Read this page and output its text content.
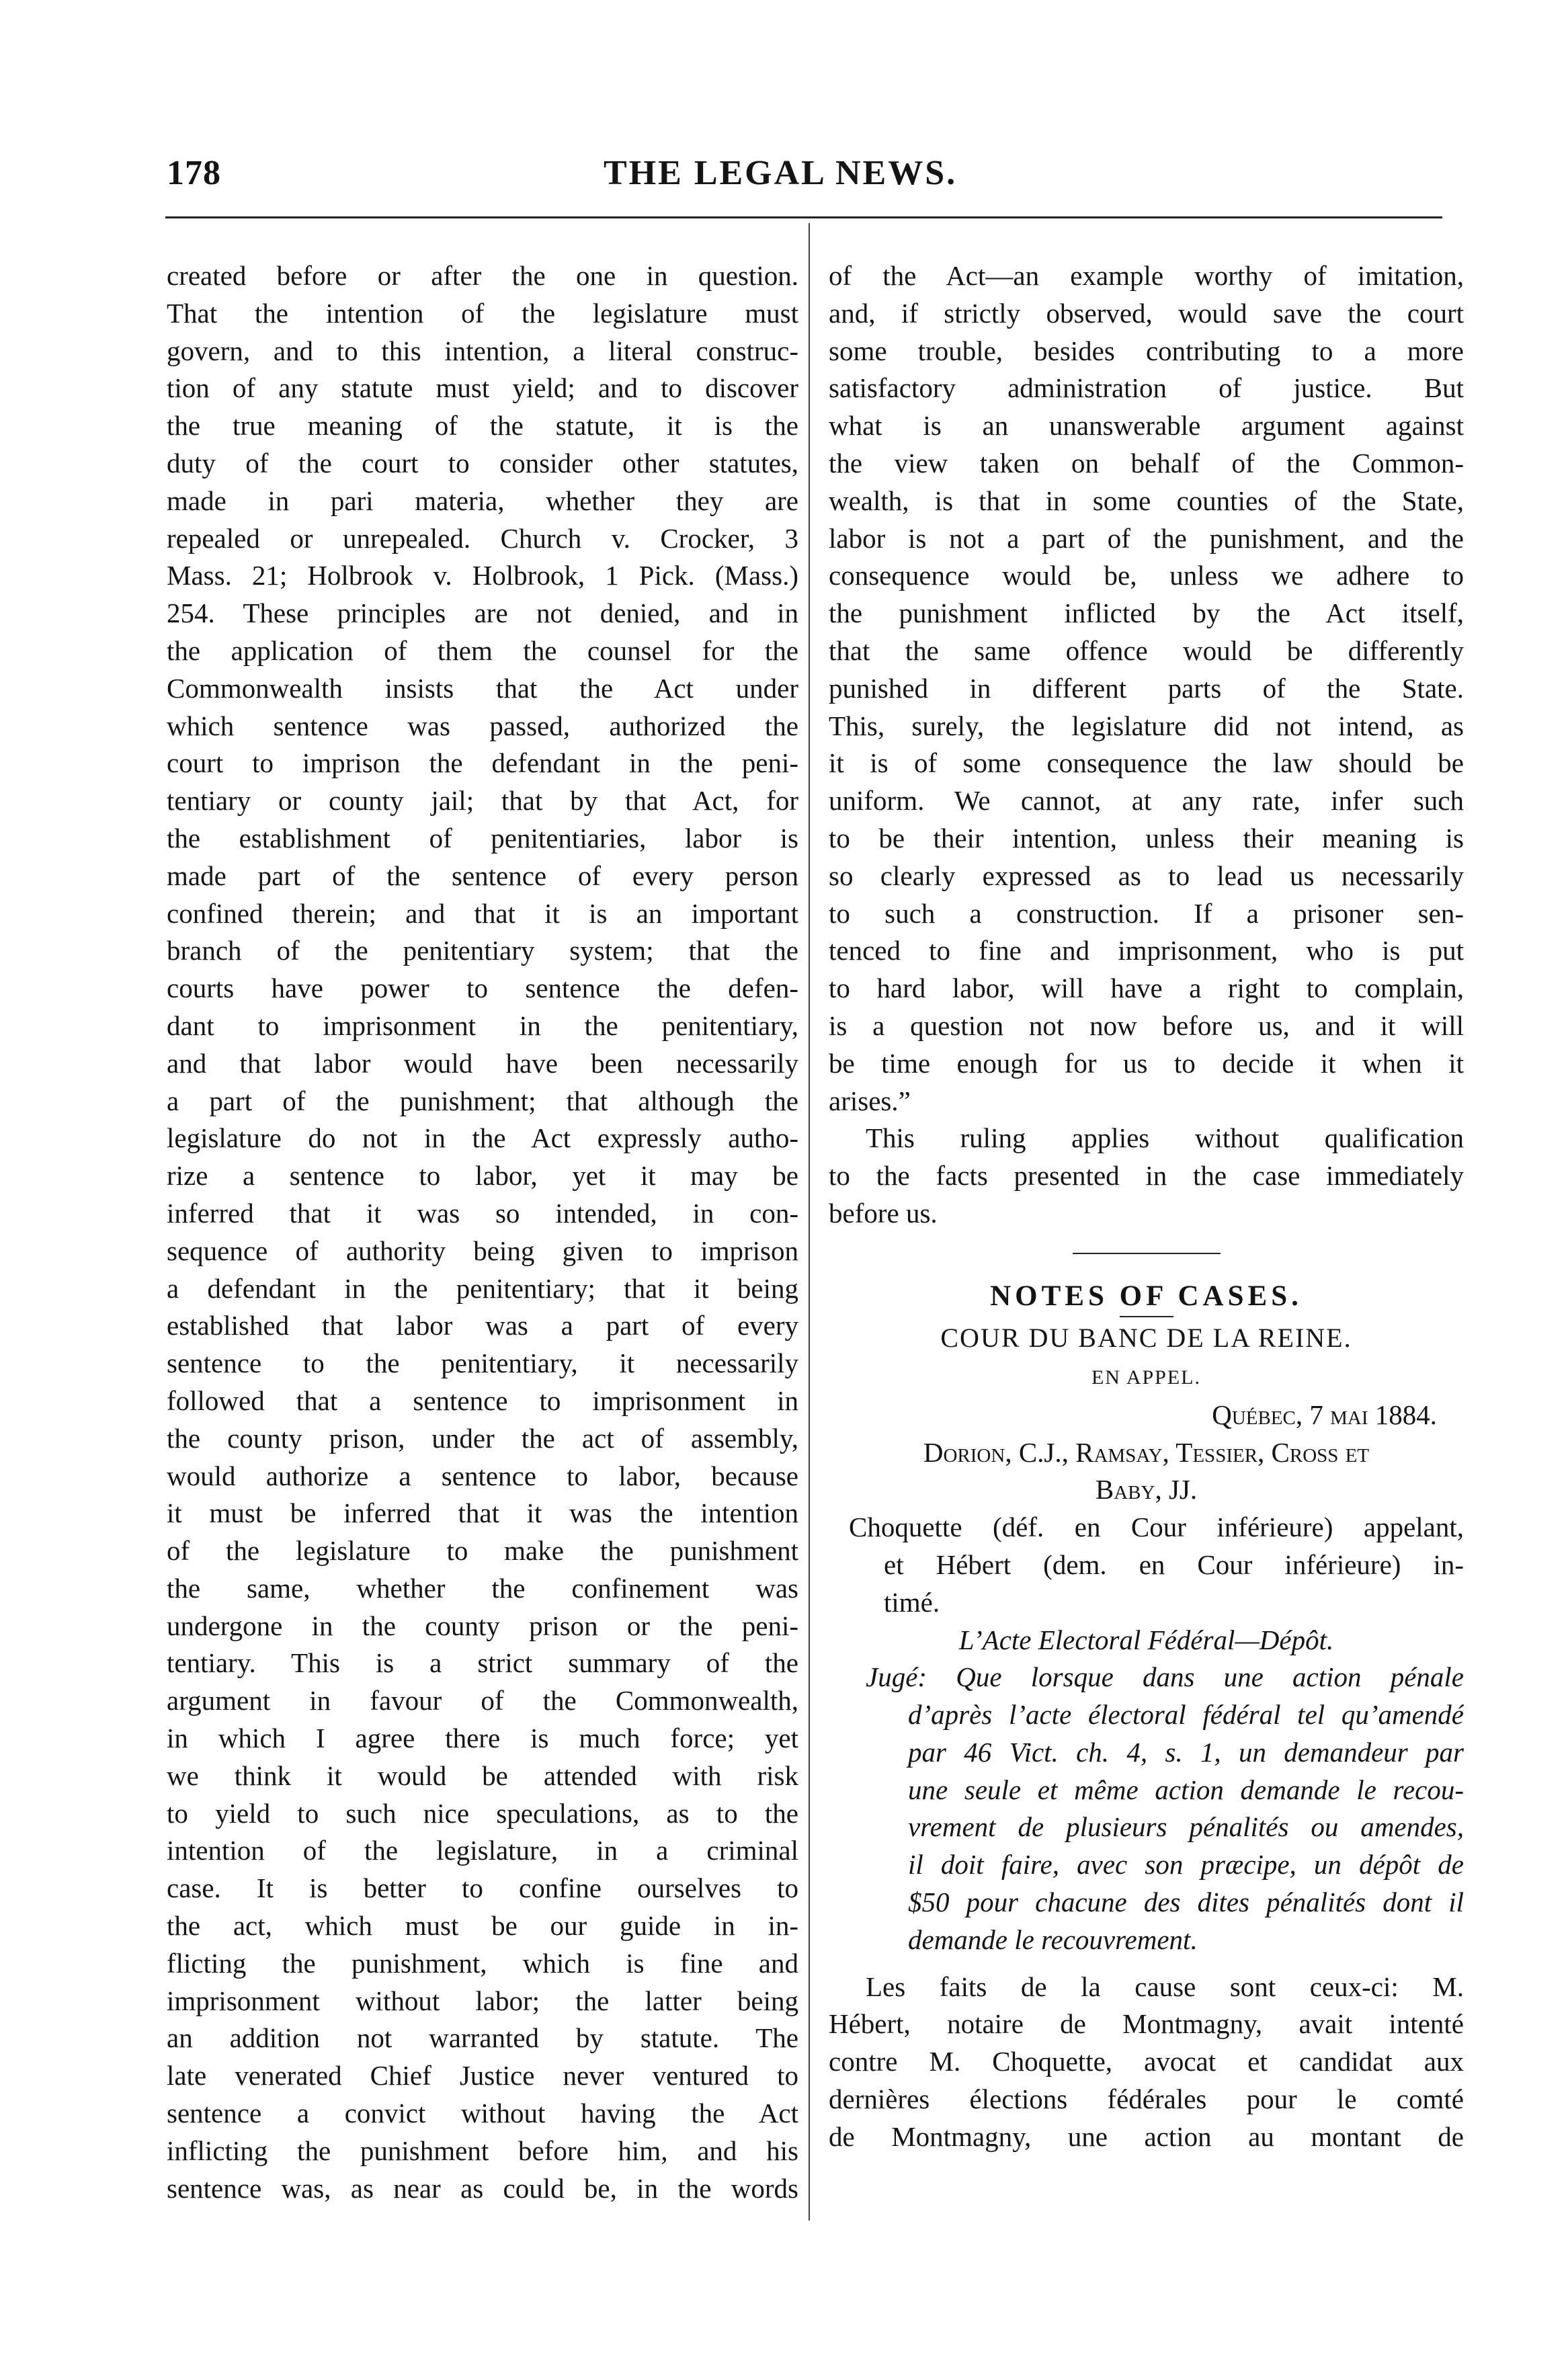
178	THE LEGAL NEWS.
created before or after the one in question.
That the intention of the legislature must
govern, and to this intention, a literal construc-
tion of any statute must yield; and to discover
the true meaning of the statute, it is the
duty of the court to consider other statutes,
made in pari materia, whether they are
repealed or unrepealed. Church v. Crocker, 3
Mass. 21; Holbrook v. Holbrook, 1 Pick. (Mass.)
254. These principles are not denied, and in
the application of them the counsel for the
Commonwealth insists that the Act under
which sentence was passed, authorized the
court to imprison the defendant in the peni-
tentiary or county jail; that by that Act, for
the establishment of penitentiaries, labor is
made part of the sentence of every person
confined therein; and that it is an important
branch of the penitentiary system; that the
courts have power to sentence the defen-
dant to imprisonment in the penitentiary,
and that labor would have been necessarily
a part of the punishment; that although the
legislature do not in the Act expressly autho-
rize a sentence to labor, yet it may be
inferred that it was so intended, in con-
sequence of authority being given to imprison
a defendant in the penitentiary; that it being
established that labor was a part of every
sentence to the penitentiary, it necessarily
followed that a sentence to imprisonment in
the county prison, under the act of assembly,
would authorize a sentence to labor, because
it must be inferred that it was the intention
of the legislature to make the punishment
the same, whether the confinement was
undergone in the county prison or the peni-
tentiary. This is a strict summary of the
argument in favour of the Commonwealth,
in which I agree there is much force; yet
we think it would be attended with risk
to yield to such nice speculations, as to the
intention of the legislature, in a criminal
case. It is better to confine ourselves to
the act, which must be our guide in in-
flicting the punishment, which is fine and
imprisonment without labor; the latter being
an addition not warranted by statute. The
late venerated Chief Justice never ventured to
sentence a convict without having the Act
inflicting the punishment before him, and his
sentence was, as near as could be, in the words
of the Act—an example worthy of imitation,
and, if strictly observed, would save the court
some trouble, besides contributing to a more
satisfactory administration of justice. But
what is an unanswerable argument against
the view taken on behalf of the Common-
wealth, is that in some counties of the State,
labor is not a part of the punishment, and the
consequence would be, unless we adhere to
the punishment inflicted by the Act itself,
that the same offence would be differently
punished in different parts of the State.
This, surely, the legislature did not intend, as
it is of some consequence the law should be
uniform. We cannot, at any rate, infer such
to be their intention, unless their meaning is
so clearly expressed as to lead us necessarily
to such a construction. If a prisoner sen-
tenced to fine and imprisonment, who is put
to hard labor, will have a right to complain,
is a question not now before us, and it will
be time enough for us to decide it when it
arises.”
This ruling applies without qualification
to the facts presented in the case immediately
before us.
NOTES OF CASES.
COUR DU BANC DE LA REINE.
EN APPEL.
Québec, 7 mai 1884.
Dorion, C.J., Ramsay, Tessier, Cross et
Baby, JJ.
Choquette (déf. en Cour inférieure) appelant,
et Hébert (dem. en Cour inférieure) in-
timé.
L’Acte Electoral Fédéral—Dépôt.
Jugé: Que lorsque dans une action pénale
d’après l’acte électoral fédéral tel qu’amendé
par 46 Vict. ch. 4, s. 1, un demandeur par
une seule et même action demande le recou-
vrement de plusieurs pénalités ou amendes,
il doit faire, avec son præcipe, un dépôt de
$50 pour chacune des dites pénalités dont il
demande le recouvrement.
Les faits de la cause sont ceux-ci: M.
Hébert, notaire de Montmagny, avait intenté
contre M. Choquette, avocat et candidat aux
dernières élections fédérales pour le comté
de Montmagny, une action au montant de
